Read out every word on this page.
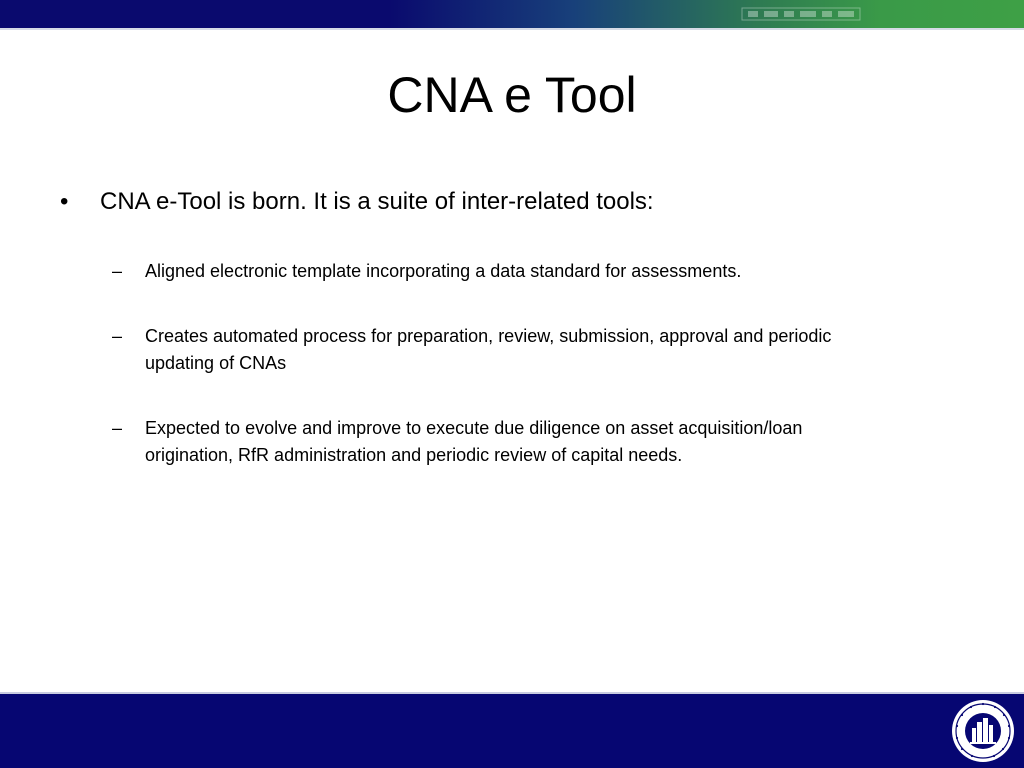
CNA e Tool
•	CNA e-Tool is born. It is a suite of inter-related tools:
–	Aligned electronic template incorporating a data standard for assessments.
–	Creates automated process for preparation, review, submission, approval and periodic updating of CNAs
–	Expected to evolve and improve to execute due diligence on asset acquisition/loan origination, RfR administration and periodic review of capital needs.
